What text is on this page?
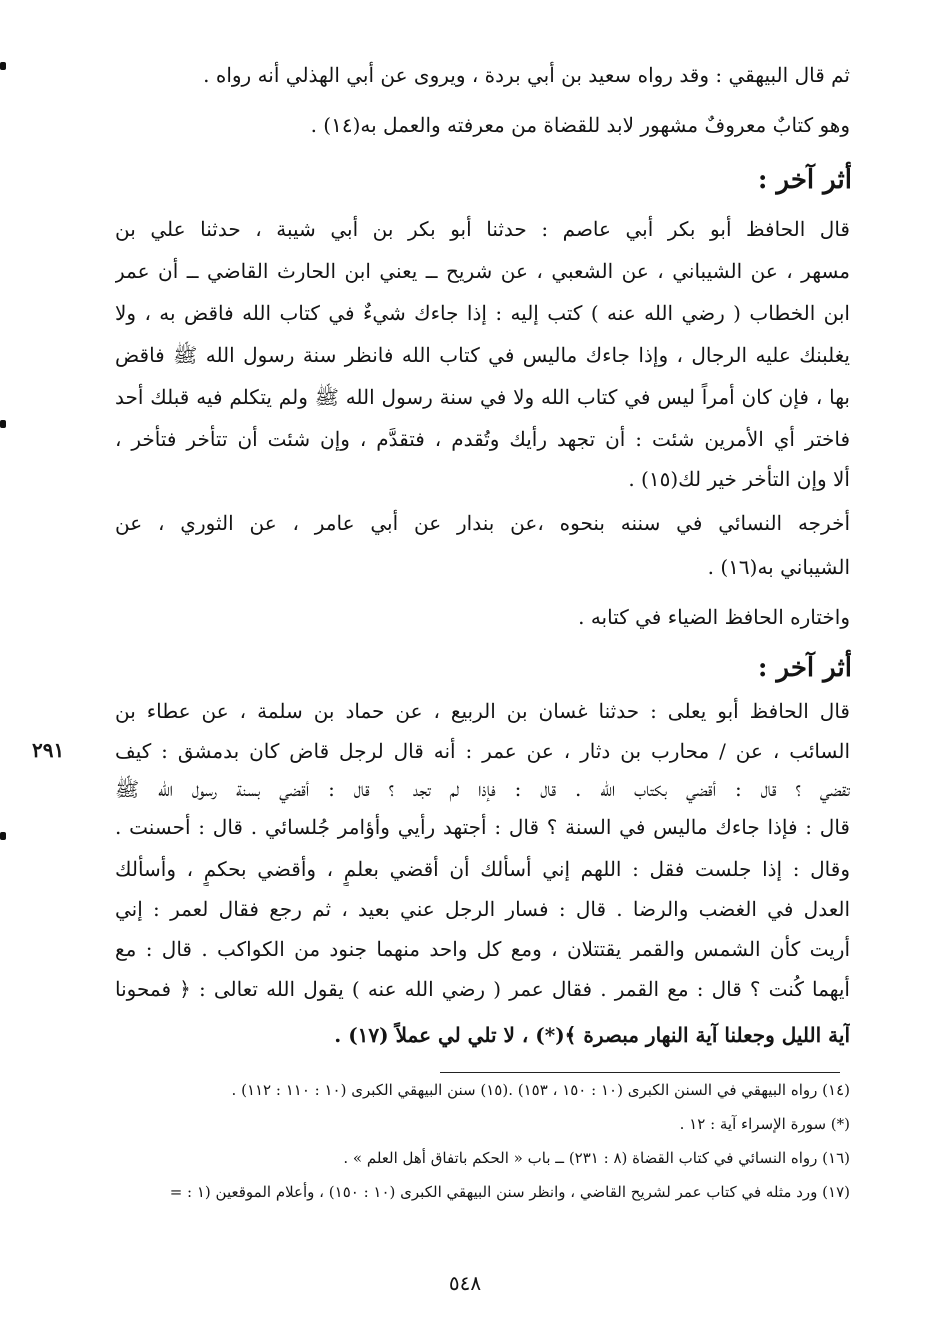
ثم قال البيهقي : وقد رواه سعيد بن أبي بردة ، ويروى عن أبي الهذلي أنه رواه .
وهو كتابٌ معروفٌ مشهور لابد للقضاة من معرفته والعمل به(١٤) .
أثر آخر :
قال الحافظ أبو بكر أبي عاصم : حدثنا أبو بكر بن أبي شيبة ، حدثنا علي بن
مسهر ، عن الشيباني ، عن الشعبي ، عن شريح ــ يعني ابن الحارث القاضي ــ أن عمر
ابن الخطاب ( رضي الله عنه ) كتب إليه : إذا جاءك شيءٌ في كتاب الله فاقض به ، ولا
يغلبنك عليه الرجال ، وإذا جاءك ماليس في كتاب الله فانظر سنة رسول الله ﷺ فاقض
بها ، فإن كان أمراً ليس في كتاب الله ولا في سنة رسول الله ﷺ ولم يتكلم فيه قبلك أحد
فاختر أي الأمرين شئت : أن تجهد رأيك وتُقدم ، فتقدَّم ، وإن شئت أن تتأخر فتأخر ،
ألا وإن التأخر خير لك(١٥) .
أخرجه النسائي في سننه بنحوه ،عن بندار عن أبي عامر ، عن الثوري ، عن
الشيباني به(١٦) .
واختاره الحافظ الضياء في كتابه .
أثر آخر :
قال الحافظ أبو يعلى : حدثنا غسان بن الربيع ، عن حماد بن سلمة ، عن عطاء بن
السائب ، عن / محارب بن دثار ، عن عمر : أنه قال لرجل قاض كان بدمشق : كيف
تقضي ؟ قال : أقضي بكتاب الله . قال : فإذا لم تجد ؟ قال : أقضي بسنة رسول الله ﷺ
قال : فإذا جاءك ماليس في السنة ؟ قال : أجتهد رأيي وأؤامر جُلسائي . قال : أحسنت .
وقال : إذا جلست فقل : اللهم إني أسألك أن أقضي بعلمٍ ، وأقضي بحكمٍ ، وأسألك
العدل في الغضب والرضا . قال : فسار الرجل عني بعيد ، ثم رجع فقال لعمر : إني
أريت كأن الشمس والقمر يقتتلان ، ومع كل واحد منهما جنود من الكواكب . قال : مع
أيهما كُنت ؟ قال : مع القمر . فقال عمر ( رضي الله عنه ) يقول الله تعالى : ﴿ فمحونا
آية الليل وجعلنا آية النهار مبصرة ﴾(*) ، لا تلي لي عملاً (١٧) .
٢٩١
(١٤) رواه البيهقي في السنن الكبرى (١٠ : ١٥٠ ، ١٥٣) .(١٥) سنن البيهقي الكبرى (١٠ : ١١٠ : ١١٢) .
(*) سورة الإسراء آية : ١٢ .
(١٦) رواه النسائي في كتاب القضاة (٨ : ٢٣١) ــ باب « الحكم باتفاق أهل العلم » .
(١٧) ورد مثله في كتاب عمر لشريح القاضي ، وانظر سنن البيهقي الكبرى (١٠ : ١٥٠) ، وأعلام الموقعين (١ : =
٥٤٨
